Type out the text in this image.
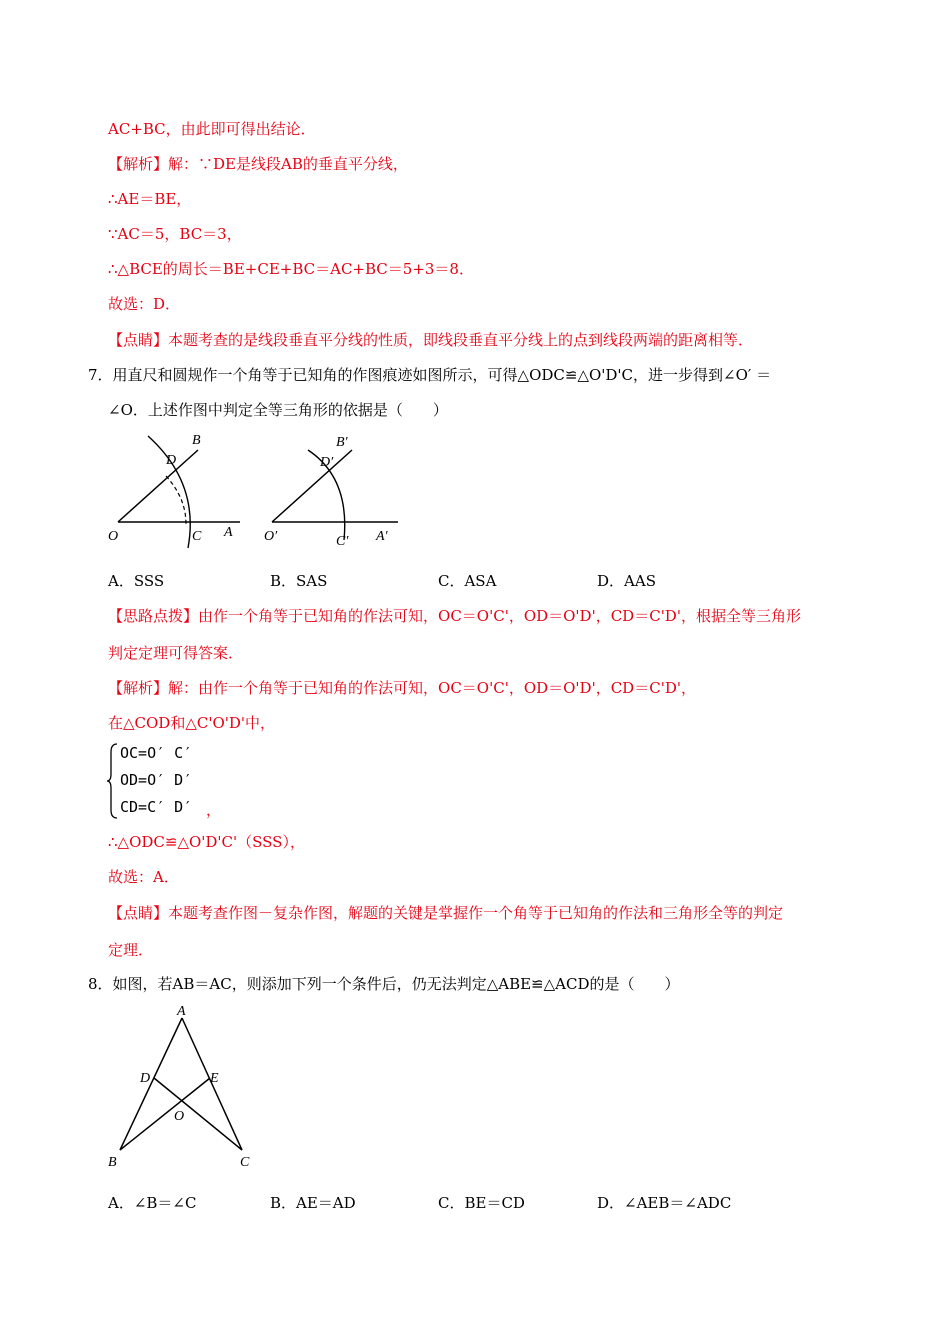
AC+BC，由此即可得出结论．
【解析】解：∵DE是线段AB的垂直平分线，
∴AE＝BE，
∵AC＝5，BC＝3，
∴△BCE的周长＝BE+CE+BC＝AC+BC＝5+3＝8．
故选：D．
【点睛】本题考查的是线段垂直平分线的性质，即线段垂直平分线上的点到线段两端的距离相等．
7．用直尺和圆规作一个角等于已知角的作图痕迹如图所示，可得△ODC≌△O'D'C，进一步得到∠O′ ＝
∠O．上述作图中判定全等三角形的依据是（　　）
O	C A
D
B
O′	C′ A′
D′
B′
A．SSS	B．SAS	C．ASA	D．AAS
【思路点拨】由作一个角等于已知角的作法可知，OC＝O'C'，OD＝O'D'，CD＝C'D'，根据全等三角形
判定定理可得答案．
【解析】解：由作一个角等于已知角的作法可知，OC＝O'C'，OD＝O'D'，CD＝C'D'，
在△COD和△C'O'D'中，
OC=O′ C′
OD=O′ D′
CD=C′ D′ ，
∴△ODC≌△O'D'C'（SSS），
故选：A．
【点睛】本题考查作图－复杂作图，解题的关键是掌握作一个角等于已知角的作法和三角形全等的判定
定理．
8．如图，若AB＝AC，则添加下列一个条件后，仍无法判定△ABE≌△ACD的是（　　）
A
B	C
D	E
O
A．∠B＝∠C	B．AE＝AD	C．BE＝CD	D．∠AEB＝∠ADC
